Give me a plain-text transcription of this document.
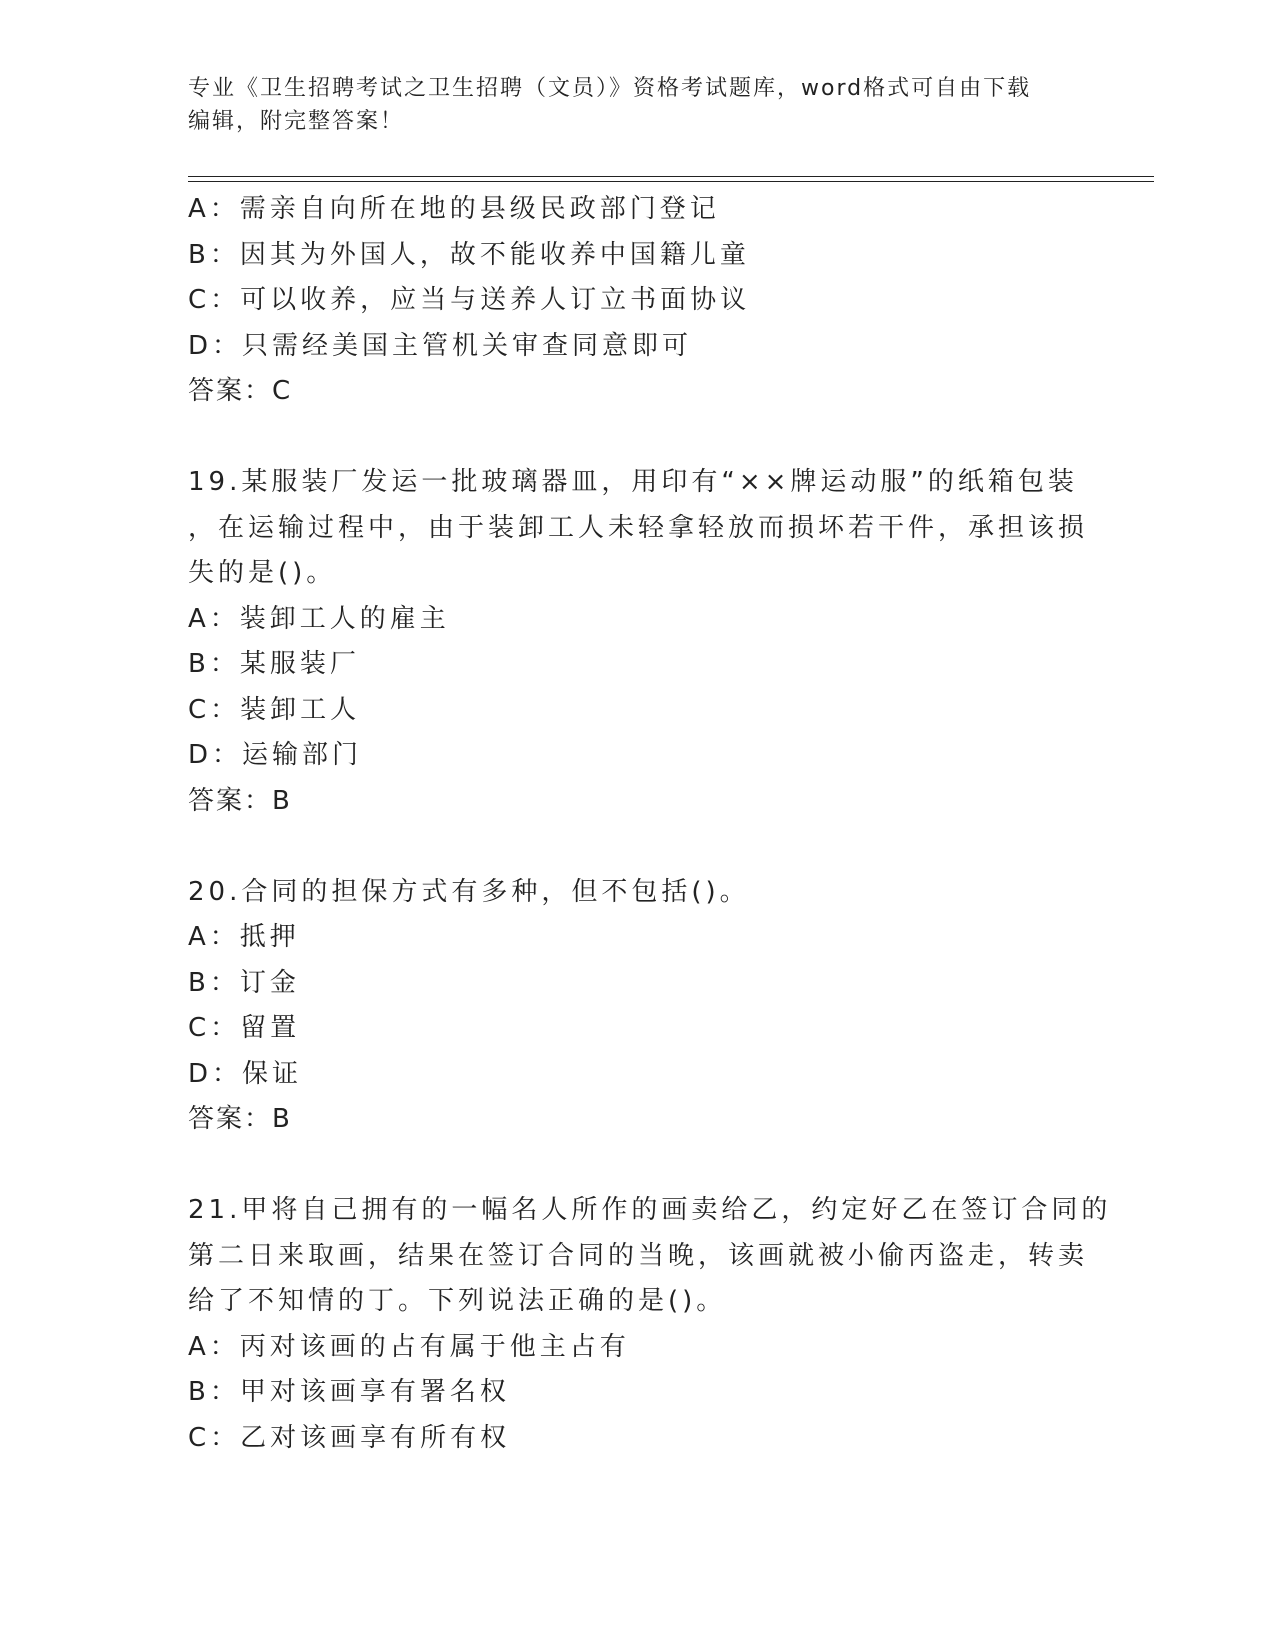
专业《卫生招聘考试之卫生招聘（文员）》资格考试题库，word格式可自由下载
编辑，附完整答案！
A：需亲自向所在地的县级民政部门登记
B：因其为外国人，故不能收养中国籍儿童
C：可以收养，应当与送养人订立书面协议
D：只需经美国主管机关审查同意即可
答案：C
19.某服装厂发运一批玻璃器皿，用印有“××牌运动服”的纸箱包装
，在运输过程中，由于装卸工人未轻拿轻放而损坏若干件，承担该损
失的是()。
A：装卸工人的雇主
B：某服装厂
C：装卸工人
D：运输部门
答案：B
20.合同的担保方式有多种，但不包括()。
A：抵押
B：订金
C：留置
D：保证
答案：B
21.甲将自己拥有的一幅名人所作的画卖给乙，约定好乙在签订合同的
第二日来取画，结果在签订合同的当晚，该画就被小偷丙盗走，转卖
给了不知情的丁。下列说法正确的是()。
A：丙对该画的占有属于他主占有
B：甲对该画享有署名权
C：乙对该画享有所有权
